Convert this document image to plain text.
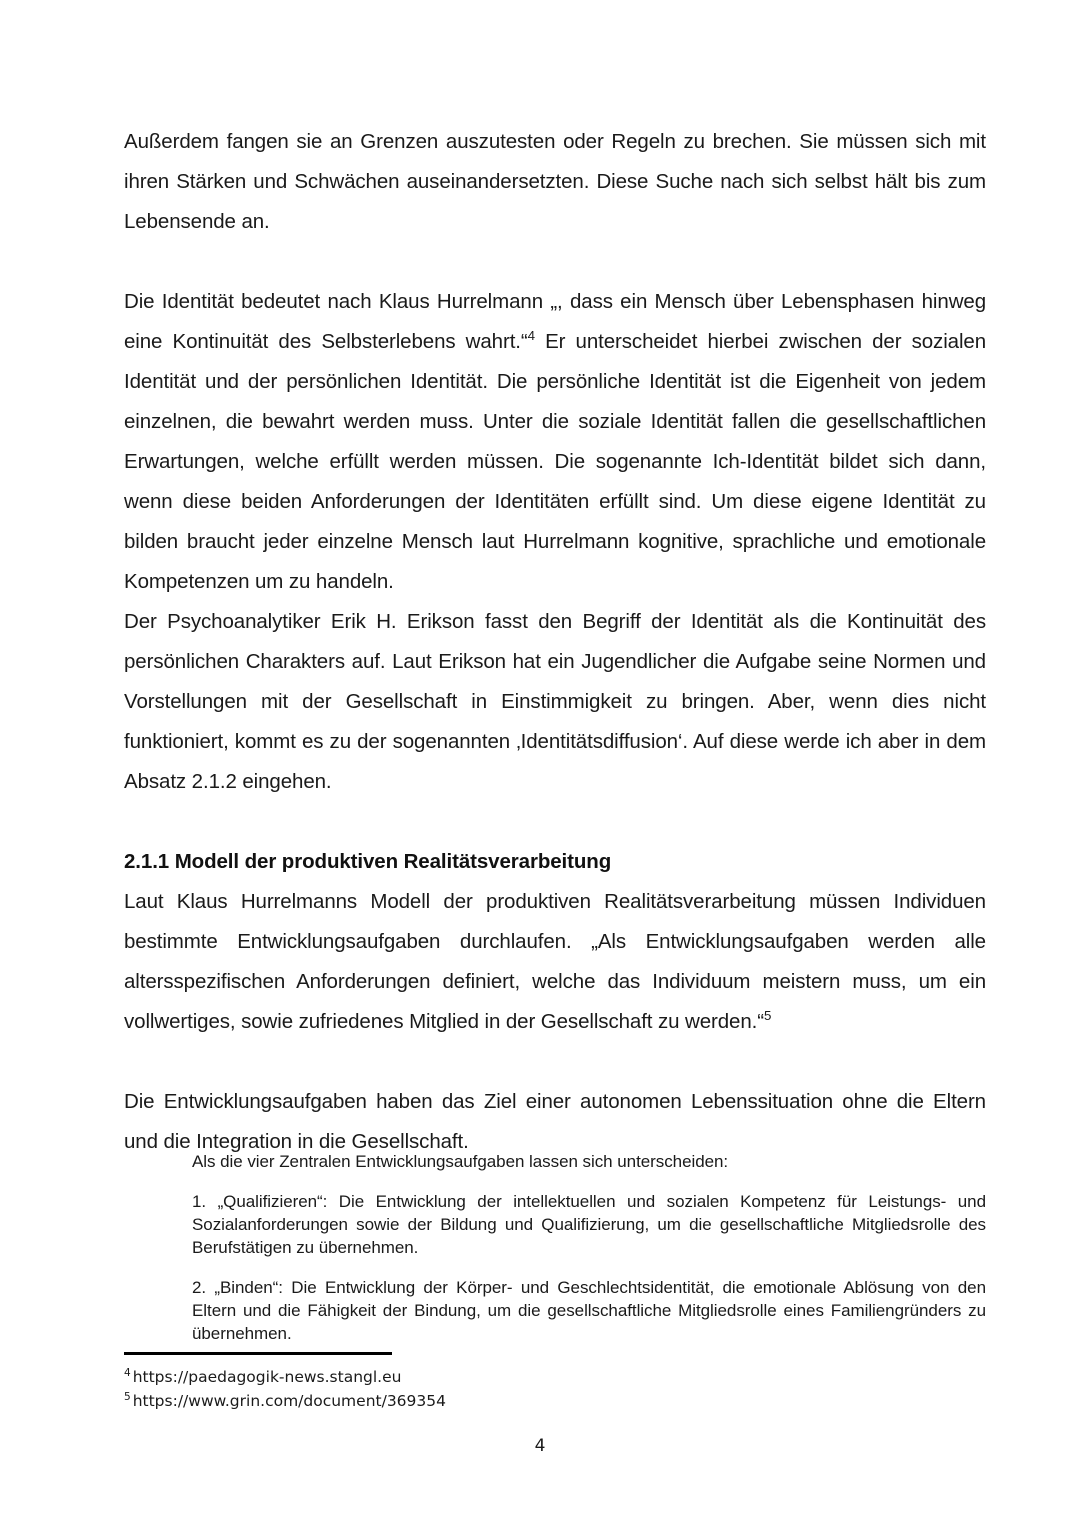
Außerdem fangen sie an Grenzen auszutesten oder Regeln zu brechen. Sie müssen sich mit ihren Stärken und Schwächen auseinandersetzten. Diese Suche nach sich selbst hält bis zum Lebensende an.

Die Identität bedeutet nach Klaus Hurrelmann „, dass ein Mensch über Lebensphasen hinweg eine Kontinuität des Selbsterlebens wahrt.“$^4$ Er unterscheidet hierbei zwischen der sozialen Identität und der persönlichen Identität. Die persönliche Identität ist die Eigenheit von jedem einzelnen, die bewahrt werden muss. Unter die soziale Identität fallen die gesellschaftlichen Erwartungen, welche erfüllt werden müssen. Die sogenannte Ich-Identität bildet sich dann, wenn diese beiden Anforderungen der Identitäten erfüllt sind. Um diese eigene Identität zu bilden braucht jeder einzelne Mensch laut Hurrelmann kognitive, sprachliche und emotionale Kompetenzen um zu handeln.

Der Psychoanalytiker Erik H. Erikson fasst den Begriff der Identität als die Kontinuität des persönlichen Charakters auf. Laut Erikson hat ein Jugendlicher die Aufgabe seine Normen und Vorstellungen mit der Gesellschaft in Einstimmigkeit zu bringen. Aber, wenn dies nicht funktioniert, kommt es zu der sogenannten ‚Identitätsdiffusion‘. Auf diese werde ich aber in dem Absatz 2.1.2 eingehen.

2.1.1 Modell der produktiven Realitätsverarbeitung

Laut Klaus Hurrelmanns Modell der produktiven Realitätsverarbeitung müssen Individuen bestimmte Entwicklungsaufgaben durchlaufen. „Als Entwicklungsaufgaben werden alle altersspezifischen Anforderungen definiert, welche das Individuum meistern muss, um ein vollwertiges, sowie zufriedenes Mitglied in der Gesellschaft zu werden.“$^5$

Die Entwicklungsaufgaben haben das Ziel einer autonomen Lebenssituation ohne die Eltern und die Integration in die Gesellschaft.

Als die vier Zentralen Entwicklungsaufgaben lassen sich unterscheiden:

1. „Qualifizieren“: Die Entwicklung der intellektuellen und sozialen Kompetenz für Leistungs- und Sozialanforderungen sowie der Bildung und Qualifizierung, um die gesellschaftliche Mitgliedsrolle des Berufstätigen zu übernehmen.

2. „Binden“: Die Entwicklung der Körper- und Geschlechtsidentität, die emotionale Ablösung von den Eltern und die Fähigkeit der Bindung, um die gesellschaftliche Mitgliedsrolle eines Familiengründers zu übernehmen.

$^4$ https://paedagogik-news.stangl.eu
$^5$ https://www.grin.com/document/369354
4
